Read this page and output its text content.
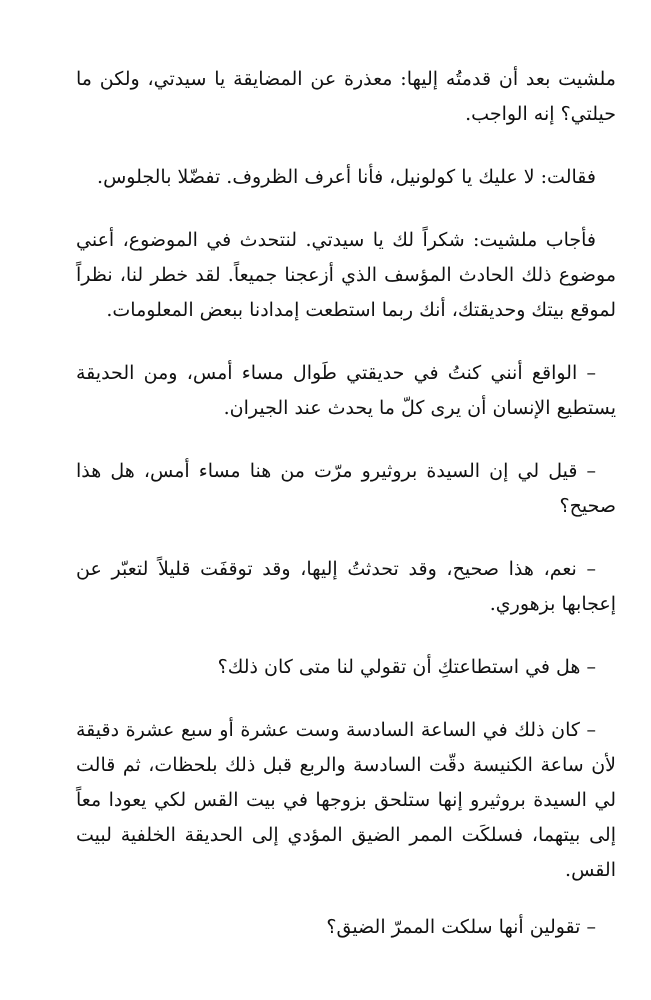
ملشيت بعد أن قدمتُه إليها: معذرة عن المضايقة يا سيدتي، ولكن ما حيلتي؟ إنه الواجب.

فقالت: لا عليك يا كولونيل، فأنا أعرف الظروف. تفضّلا بالجلوس.

فأجاب ملشيت: شكراً لك يا سيدتي. لنتحدث في الموضوع، أعني موضوع ذلك الحادث المؤسف الذي أزعجنا جميعاً. لقد خطر لنا، نظراً لموقع بيتك وحديقتك، أنك ربما استطعت إمدادنا ببعض المعلومات.

– الواقع أنني كنتُ في حديقتي طَوال مساء أمس، ومن الحديقة يستطيع الإنسان أن يرى كلّ ما يحدث عند الجيران.

– قيل لي إن السيدة بروثيرو مرّت من هنا مساء أمس، هل هذا صحيح؟

– نعم، هذا صحيح، وقد تحدثتُ إليها، وقد توقفَت قليلاً لتعبّر عن إعجابها بزهوري.

– هل في استطاعتكِ أن تقولي لنا متى كان ذلك؟

– كان ذلك في الساعة السادسة وست عشرة أو سبع عشرة دقيقة لأن ساعة الكنيسة دقّت السادسة والربع قبل ذلك بلحظات، ثم قالت لي السيدة بروثيرو إنها ستلحق بزوجها في بيت القس لكي يعودا معاً إلى بيتهما، فسلكَت الممر الضيق المؤدي إلى الحديقة الخلفية لبيت القس.

– تقولين أنها سلكت الممرّ الضيق؟
